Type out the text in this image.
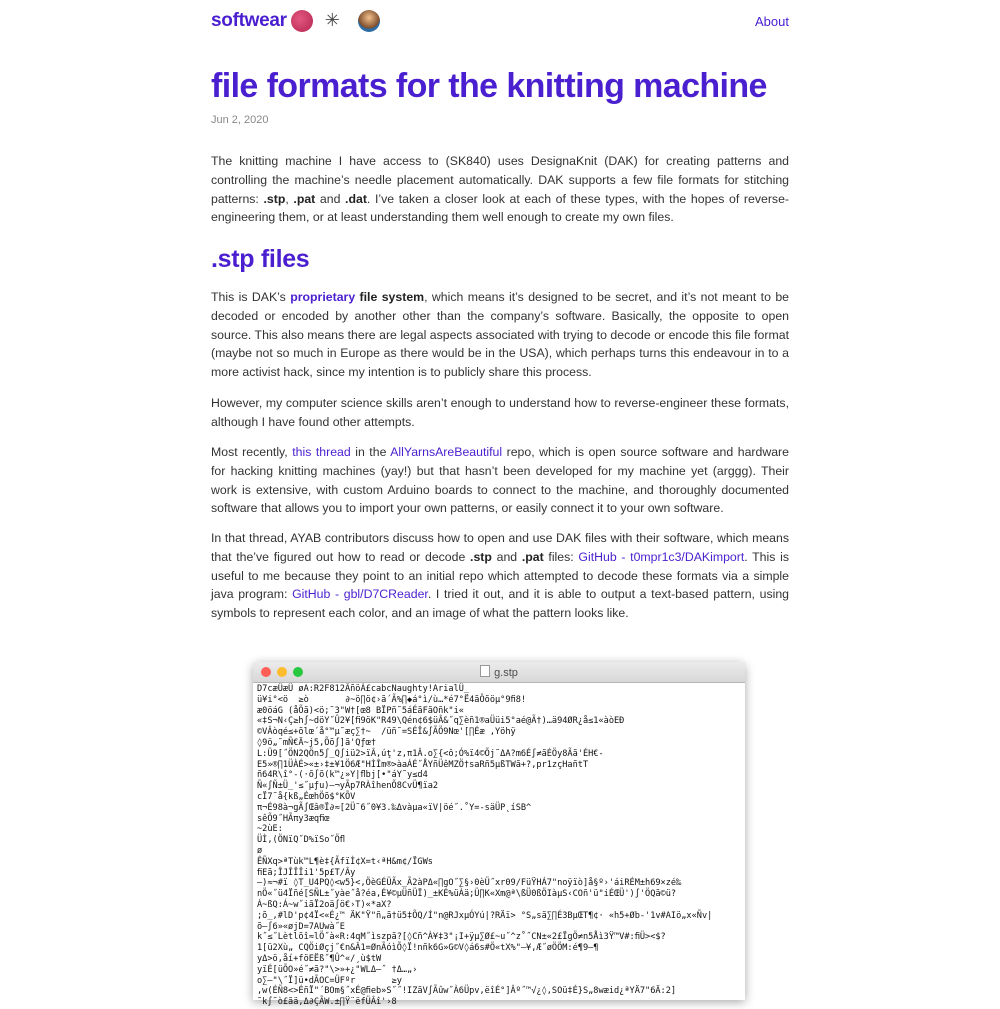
softwear	✳	About
file formats for the knitting machine
Jun 2, 2020

The knitting machine I have access to (SK840) uses DesignaKnit (DAK) for creating patterns and controlling the machine’s needle placement automatically. DAK supports a few file formats for stitching patterns: .stp, .pat and .dat. I’ve taken a closer look at each of these types, with the hopes of reverse-engineering them, or at least understanding them well enough to create my own files.

.stp files

This is DAK’s proprietary file system, which means it’s designed to be secret, and it’s not meant to be decoded or encoded by another other than the company’s software. Basically, the opposite to open source. This also means there are legal aspects associated with trying to decode or encode this file format (maybe not so much in Europe as there would be in the USA), which perhaps turns this endeavour in to a more activist hack, since my intention is to publicly share this process.

However, my computer science skills aren’t enough to understand how to reverse-engineer these formats, although I have found other attempts.

Most recently, this thread in the AllYarnsAreBeautiful repo, which is open source software and hardware for hacking knitting machines (yay!) but that hasn’t been developed for my machine yet (arggg). Their work is extensive, with custom Arduino boards to connect to the machine, and thoroughly documented software that allows you to import your own patterns, or easily connect it to your own software.

In that thread, AYAB contributors discuss how to open and use DAK files with their software, which means that the’ve figured out how to read or decode .stp and .pat files: GitHub - t0mpr1c3/DAKimport. This is useful to me because they point to an initial repo which attempted to decode these formats via a simple java program: GitHub - gbl/D7CReader. I tried it out, and it is able to output a text-based pattern, using symbols to represent each color, and an image of what the pattern looks like.

g.stp
D7cæÜæÜ øA:R2F812ÃñöÁ£cabcNaughty!ArialÜ_
ü¥i°<ö  ≥ò       ∂~ö∏ö¢›ã´Ã%∏◆á°ì/ù…*é7°Ë4ãÔõöµ°9ﬁ8!
æ0öáG (åÕã)<ö;˜3"W†[œ8 BÏPñ˜5áÉãFãOñk"i«
«‡S¬N‹Ç≥h∫~döY˝Û2¥[ﬁ9öK"R49\Qén¢6$üÂ&˝q∑èñ1®aÜüi5°aé@Ã†)…ä94ØR¿å≤1«àòEÐ
©VÂòqé≤+õlœ´å°™µ˜æç∑†~  /üñ˜=SÉÎ&∫ÃÖ9Nœ'[∏Éæ ,Yöhÿ
◊9ö„˜mÑ€Ä~j5,Õõ∫]ã'Qƒœ†
L:Ü9[˝ÖN2QÖn5∫_Q∫iü2>ïÂ,úţ'z,π1Â.o∑{<ô;Ó%ï4©Õj˜ΔA?m6É∫≠ãÉÖy8Ãã'ÉH€-
E5»®∏1ÜÀÉ>«±›‡±¥1Ö6Æ"HÌÎm®>àaÁÉ˝ÅYñÜêMZÖ†saRñ5µßTWã+?,pr1zçHañtT
ñ64R\î°-(·õ∫õ(k™¿»Y|ﬂbj[•"áY˜y≤d4
Ñ«∫Ñ±Ü_'≤˝µƒu)—¬yÃp7RÀîhenÕ8CvÜ¶ïa2
cÏ7˜å{kß„ÉœhÖõ$°KÕV
π¬É98à¬gÃ∫Œâ®Ï∂≈[2Ü˜6˝0¥3.‰Δvàµa«ïV|öé˝.˚Y=-säÜP˛íSB^
sêÕ9˝HÃπy3æqﬁœ
~2ùE:
ÜÌ,(ÖNïQ˝D%ïSo˝Öﬂ
ø
ÊÑXq>ªTùk™L¶è‡{ÃfïÌ¢X=t‹ªH&m¢/ÏGWs
ﬁEã;ÎJÎÎÎi1'5p£T/Ây
—)≈¬#ï ◊T_U4PQ◊<w5}<,ÖèGÉÜÃx_Ã2àPΔ«∏gO˝∑§›0èÜ˝xr09/FüŸHÁ7"noÿïò]å§º›'áiRÉM±h69×zé‰
nÖ«˝ü4Ïñé[SÑL±˝yàe˝å?éa,É¥©µÜñÜÏ)_±KÉ%üÀä;Ü∏K«Xm@ª\ßÜ0ßÖIàµS‹COñ'ü"iÉŒÜ')∫'ÖQã©ü?
Á~ßQ:Á~w˝iãÏ2oä∫ö€›T)«*aX?
;õ_,#lD'p¢4Ï<«É¿™ ÄK"Ÿ"ñ„ã†ü5‡ÕQ/Í"n@RJxµÓYú|?RÄï> °S„sã∑∏É3BµŒT¶¢· «h5+Øb-'1v#AIö„x«Ñv|
õ—∫6»«øjD=7AUwà˝E
k˝≤˝Lètlõî≈lÖ˝à«R:4qM˝ìszpã?[◊Cñ^À¥‡3"¡I+ÿµ∑Ø£~u˝^z˚˝CN±«2£ÏgÖ≠n5Åì3Ÿ™V#:ﬁÜ><$?
1[ü2Xù„ CQÖiØçj˝€n&Â1=ØnÃóìÕ◊Ï!nñk6G»G©V◊á6s#Ö«tX%"—¥,Æ˝øÖÖM:é¶9—¶
yΔ>ö,åí+föEËß˝¶Û^«/¸ù$tW
yïÉ[üÕO»é˝≠ã?"\>»+¿"WLΔ—˝ †Δ…„›
o∑—"\˝Ï]ü•dÃOC=ÜFºr       ≥y
,w(ÉÑ8<>ÉñÏ"´BOm§˝xÉ@ﬁeb»S˝˝!IZãV∫Ãûw˝À6Üpv,ëîÉ°]Âº˝™√¿◊,SOü‡É}S„8wæid¿ªYÄ7"6Ä:2]
˜k∫˜ò£ãä,Δ∂ÇÃW.±∏Ÿ¨ëfÜÂî'›8
